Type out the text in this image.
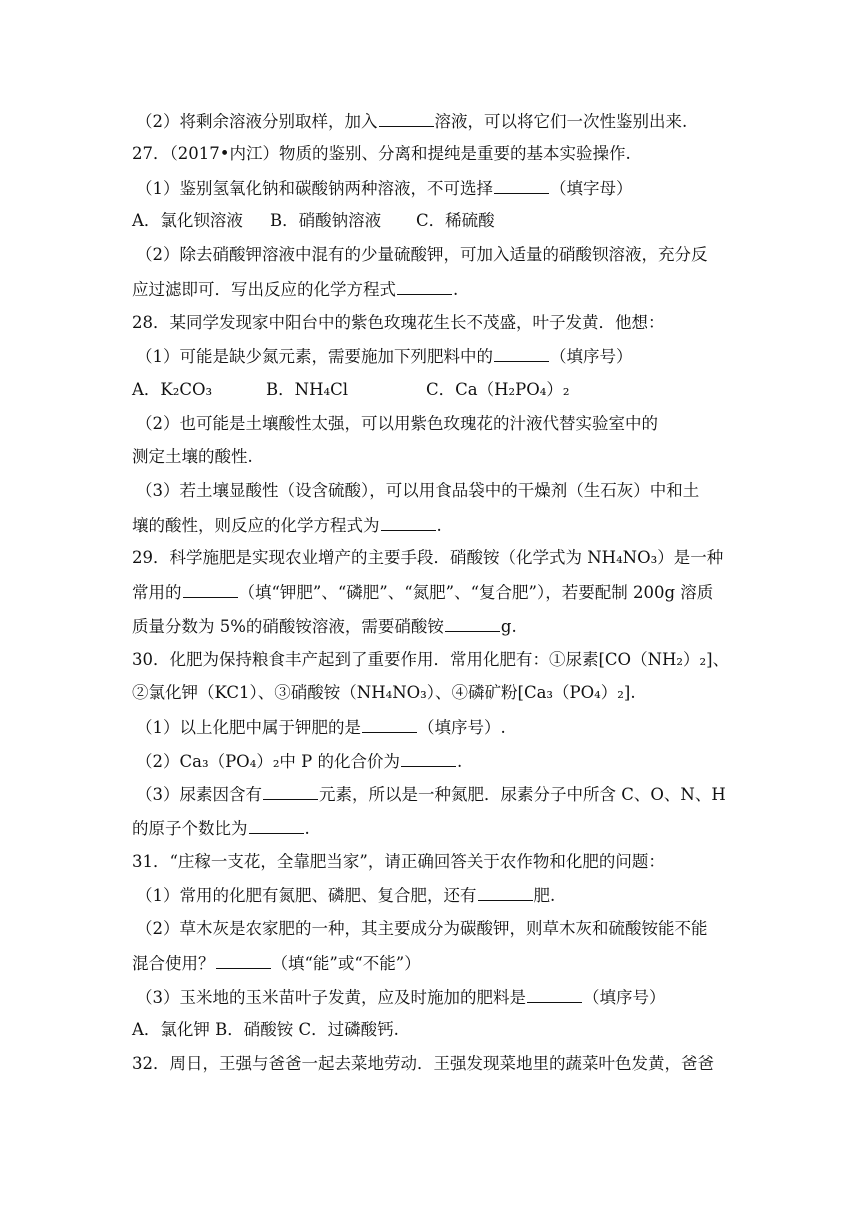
（2）将剩余溶液分别取样，加入	溶液，可以将它们一次性鉴别出来.
27．（2017•内江）物质的鉴别、分离和提纯是重要的基本实验操作.
（1）鉴别氢氧化钠和碳酸钠两种溶液，不可选择	（填字母）
A．氯化钡溶液 B．硝酸钠溶液 C．稀硫酸
（2）除去硝酸钾溶液中混有的少量硫酸钾，可加入适量的硝酸钡溶液，充分反
应过滤即可．写出反应的化学方程式	.
28．某同学发现家中阳台中的紫色玫瑰花生长不茂盛，叶子发黄．他想：
（1）可能是缺少氮元素，需要施加下列肥料中的	（填序号）
A．K₂CO₃	B．NH₄Cl	C．Ca（H₂PO₄）₂
（2）也可能是土壤酸性太强，可以用紫色玫瑰花的汁液代替实验室中的
测定土壤的酸性.
（3）若土壤显酸性（设含硫酸），可以用食品袋中的干燥剂（生石灰）中和土
壤的酸性，则反应的化学方程式为	.
29．科学施肥是实现农业增产的主要手段．硝酸铵（化学式为 NH₄NO₃）是一种
常用的	（填“钾肥”、“磷肥”、“氮肥”、“复合肥”），若要配制 200g 溶质
质量分数为 5%的硝酸铵溶液，需要硝酸铵	g.
30．化肥为保持粮食丰产起到了重要作用．常用化肥有：①尿素[CO（NH₂）₂]、
②氯化钾（KC1）、③硝酸铵（NH₄NO₃）、④磷矿粉[Ca₃（PO₄）₂].
（1）以上化肥中属于钾肥的是	（填序号）.
（2）Ca₃（PO₄）₂中 P 的化合价为	.
（3）尿素因含有	元素，所以是一种氮肥．尿素分子中所含 C、O、N、H
的原子个数比为	.
31．“庄稼一支花，全靠肥当家”，请正确回答关于农作物和化肥的问题：
（1）常用的化肥有氮肥、磷肥、复合肥，还有	肥.
（2）草木灰是农家肥的一种，其主要成分为碳酸钾，则草木灰和硫酸铵能不能
混合使用？	（填“能”或“不能”）
（3）玉米地的玉米苗叶子发黄，应及时施加的肥料是	（填序号）
A．氯化钾 B．硝酸铵 C．过磷酸钙.
32．周日，王强与爸爸一起去菜地劳动．王强发现菜地里的蔬菜叶色发黄，爸爸
